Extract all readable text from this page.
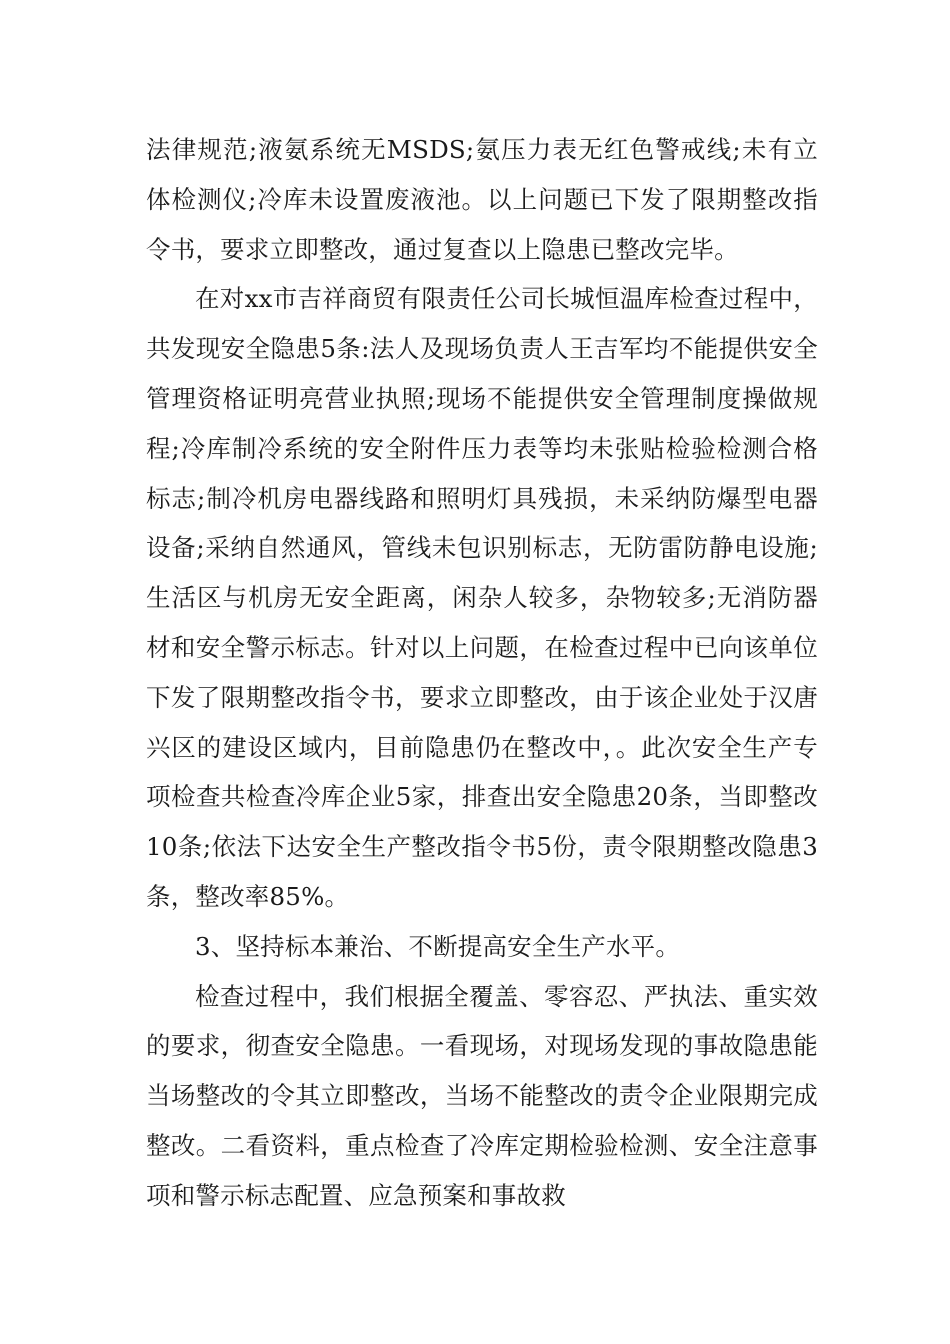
法律规范;液氨系统无MSDS;氨压力表无红色警戒线;未有立体检测仪;冷库未设置废液池。以上问题已下发了限期整改指令书，要求立即整改，通过复查以上隐患已整改完毕。

在对xx市吉祥商贸有限责任公司长城恒温库检查过程中，共发现安全隐患5条:法人及现场负责人王吉军均不能提供安全管理资格证明亮营业执照;现场不能提供安全管理制度操做规程;冷库制冷系统的安全附件压力表等均未张贴检验检测合格标志;制冷机房电器线路和照明灯具残损，未采纳防爆型电器设备;采纳自然通风，管线未包识别标志，无防雷防静电设施;生活区与机房无安全距离，闲杂人较多，杂物较多;无消防器材和安全警示标志。针对以上问题，在检查过程中已向该单位下发了限期整改指令书，要求立即整改，由于该企业处于汉唐兴区的建设区域内，目前隐患仍在整改中，。此次安全生产专项检查共检查冷库企业5家，排查出安全隐患20条，当即整改10条;依法下达安全生产整改指令书5份，责令限期整改隐患3条，整改率85%。

3、坚持标本兼治、不断提高安全生产水平。

检查过程中，我们根据全覆盖、零容忍、严执法、重实效的要求，彻查安全隐患。一看现场，对现场发现的事故隐患能当场整改的令其立即整改，当场不能整改的责令企业限期完成整改。二看资料，重点检查了冷库定期检验检测、安全注意事项和警示标志配置、应急预案和事故救
